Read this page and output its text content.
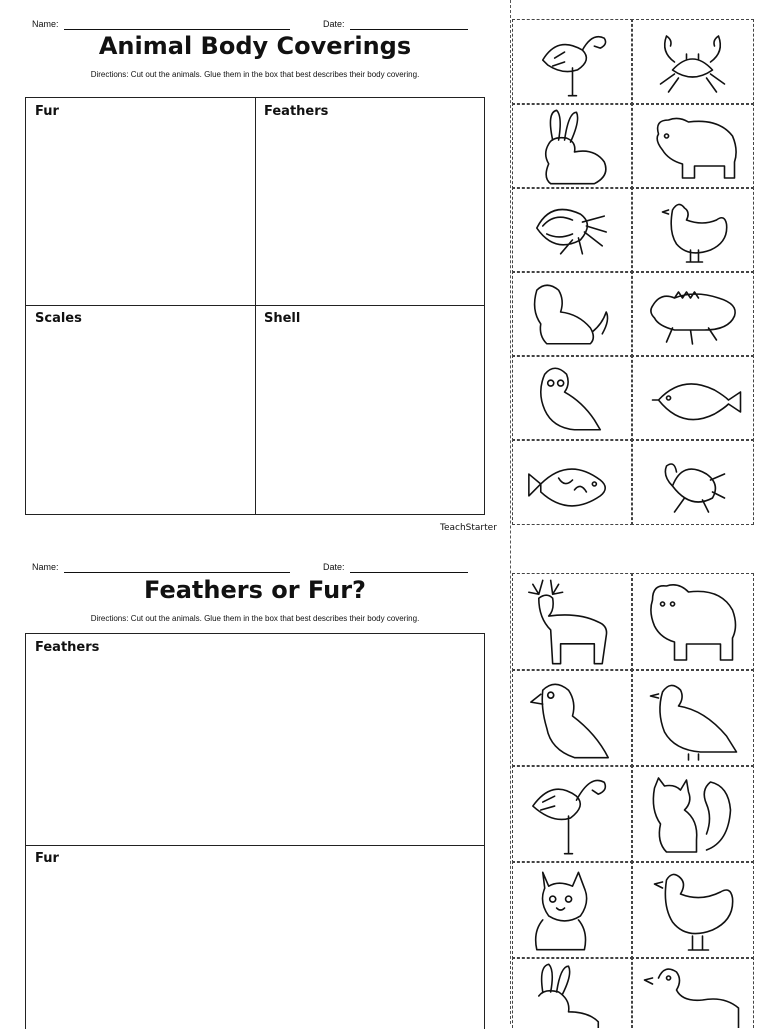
Name:	Date:
Animal Body Coverings
Directions: Cut out the animals. Glue them in the box that best describes their body covering.
Fur	Feathers
Scales	Shell
TeachStarter
Name:	Date:
Feathers or Fur?
Directions: Cut out the animals. Glue them in the box that best describes their body covering.
Feathers
Fur
